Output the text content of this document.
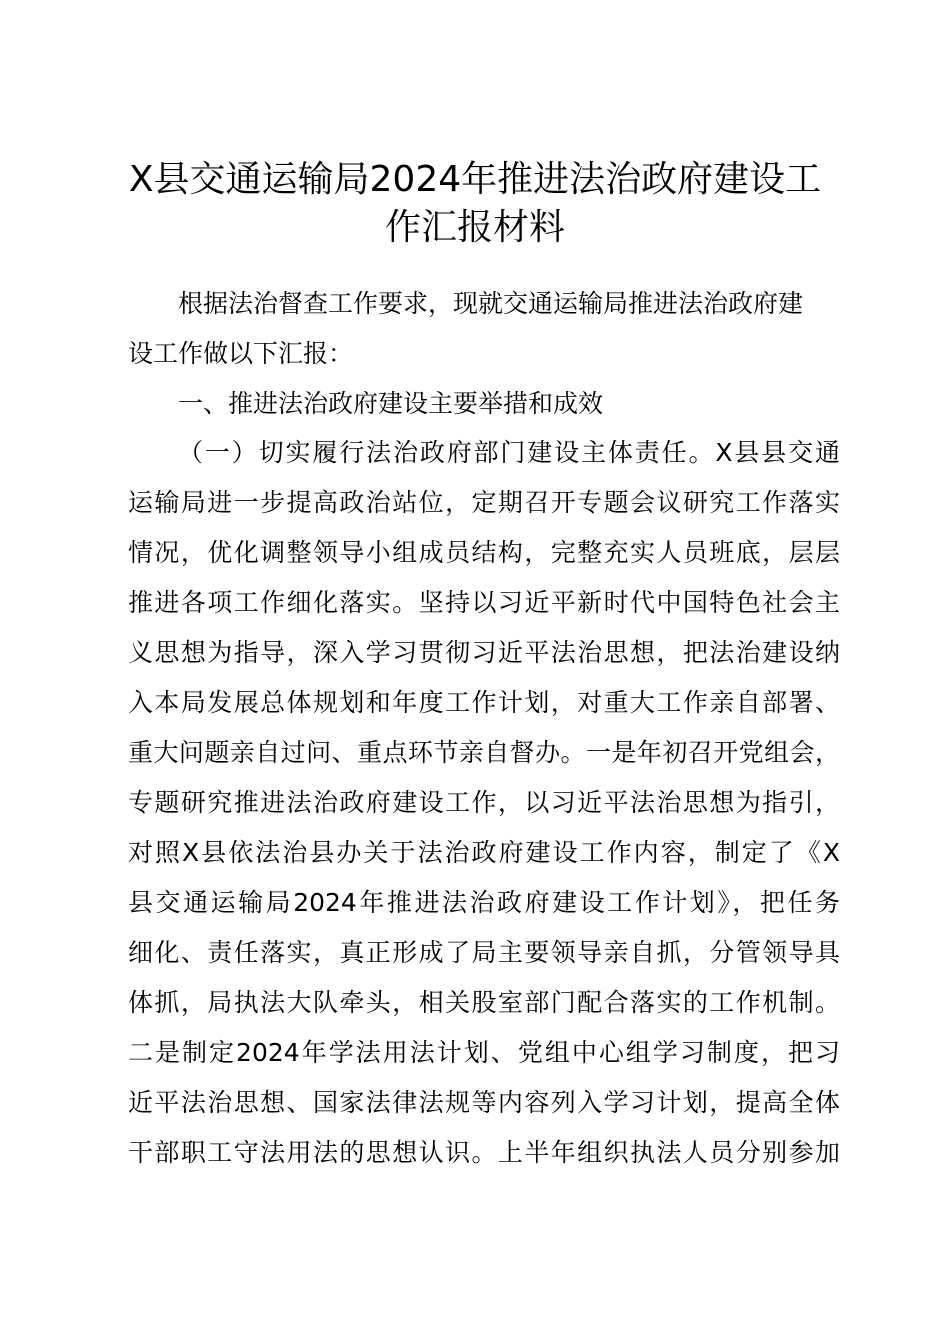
X县交通运输局2024年推进法治政府建设工
作汇报材料

根据法治督查工作要求，现就交通运输局推进法治政府建

设工作做以下汇报：

一、推进法治政府建设主要举措和成效

（一）切实履行法治政府部门建设主体责任。X县县交通

运输局进一步提高政治站位，定期召开专题会议研究工作落实

情况，优化调整领导小组成员结构，完整充实人员班底，层层

推进各项工作细化落实。坚持以习近平新时代中国特色社会主

义思想为指导，深入学习贯彻习近平法治思想，把法治建设纳

入本局发展总体规划和年度工作计划，对重大工作亲自部署、

重大问题亲自过问、重点环节亲自督办。一是年初召开党组会，

专题研究推进法治政府建设工作，以习近平法治思想为指引，

对照X县依法治县办关于法治政府建设工作内容，制定了《X

县交通运输局2024年推进法治政府建设工作计划》，把任务

细化、责任落实，真正形成了局主要领导亲自抓，分管领导具

体抓，局执法大队牵头，相关股室部门配合落实的工作机制。

二是制定2024年学法用法计划、党组中心组学习制度，把习

近平法治思想、国家法律法规等内容列入学习计划，提高全体

干部职工守法用法的思想认识。上半年组织执法人员分别参加
